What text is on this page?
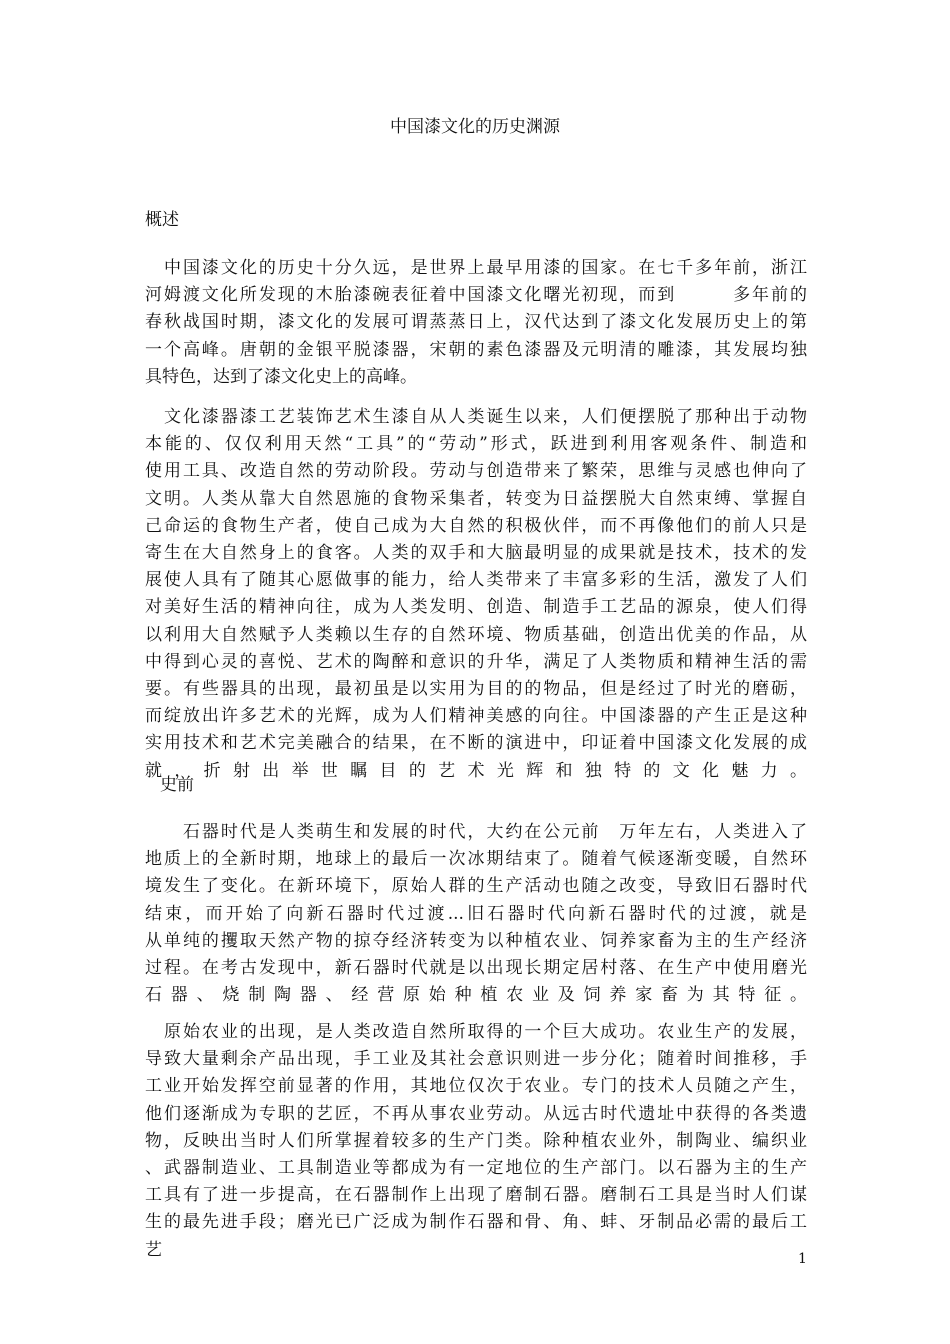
中国漆文化的历史渊源
概述

　中国漆文化的历史十分久远，是世界上最早用漆的国家。在七千多年前，浙江
河姆渡文化所发现的木胎漆碗表征着中国漆文化曙光初现，而到　　　多年前的
春秋战国时期，漆文化的发展可谓蒸蒸日上，汉代达到了漆文化发展历史上的第
一个高峰。唐朝的金银平脱漆器，宋朝的素色漆器及元明清的雕漆，其发展均独
具特色，达到了漆文化史上的高峰。

　文化漆器漆工艺装饰艺术生漆自从人类诞生以来，人们便摆脱了那种出于动物
本能的、仅仅利用天然“工具”的“劳动”形式，跃进到利用客观条件、制造和
使用工具、改造自然的劳动阶段。劳动与创造带来了繁荣，思维与灵感也伸向了
文明。人类从靠大自然恩施的食物采集者，转变为日益摆脱大自然束缚、掌握自
己命运的食物生产者，使自己成为大自然的积极伙伴，而不再像他们的前人只是
寄生在大自然身上的食客。人类的双手和大脑最明显的成果就是技术，技术的发
展使人具有了随其心愿做事的能力，给人类带来了丰富多彩的生活，激发了人们
对美好生活的精神向往，成为人类发明、创造、制造手工艺品的源泉，使人们得
以利用大自然赋予人类赖以生存的自然环境、物质基础，创造出优美的作品，从
中得到心灵的喜悦、艺术的陶醉和意识的升华，满足了人类物质和精神生活的需
要。有些器具的出现，最初虽是以实用为目的的物品，但是经过了时光的磨砺，
而绽放出许多艺术的光辉，成为人们精神美感的向往。中国漆器的产生正是这种
实用技术和艺术完美融合的结果，在不断的演进中，印证着中国漆文化发展的成
就，折射出举世瞩目的艺术光辉和独特的文化魅力。

史前

　　石器时代是人类萌生和发展的时代，大约在公元前　万年左右，人类进入了
地质上的全新时期，地球上的最后一次冰期结束了。随着气候逐渐变暖，自然环
境发生了变化。在新环境下，原始人群的生产活动也随之改变，导致旧石器时代
结束，而开始了向新石器时代过渡...旧石器时代向新石器时代的过渡，就是
从单纯的攫取天然产物的掠夺经济转变为以种植农业、饲养家畜为主的生产经济
过程。在考古发现中，新石器时代就是以出现长期定居村落、在生产中使用磨光
石器、烧制陶器、经营原始种植农业及饲养家畜为其特征。

　原始农业的出现，是人类改造自然所取得的一个巨大成功。农业生产的发展，
导致大量剩余产品出现，手工业及其社会意识则进一步分化；随着时间推移，手
工业开始发挥空前显著的作用，其地位仅次于农业。专门的技术人员随之产生，
他们逐渐成为专职的艺匠，不再从事农业劳动。从远古时代遗址中获得的各类遗
物，反映出当时人们所掌握着较多的生产门类。除种植农业外，制陶业、编织业
、武器制造业、工具制造业等都成为有一定地位的生产部门。以石器为主的生产
工具有了进一步提高，在石器制作上出现了磨制石器。磨制石工具是当时人们谋
生的最先进手段；磨光已广泛成为制作石器和骨、角、蚌、牙制品必需的最后工
艺	1
